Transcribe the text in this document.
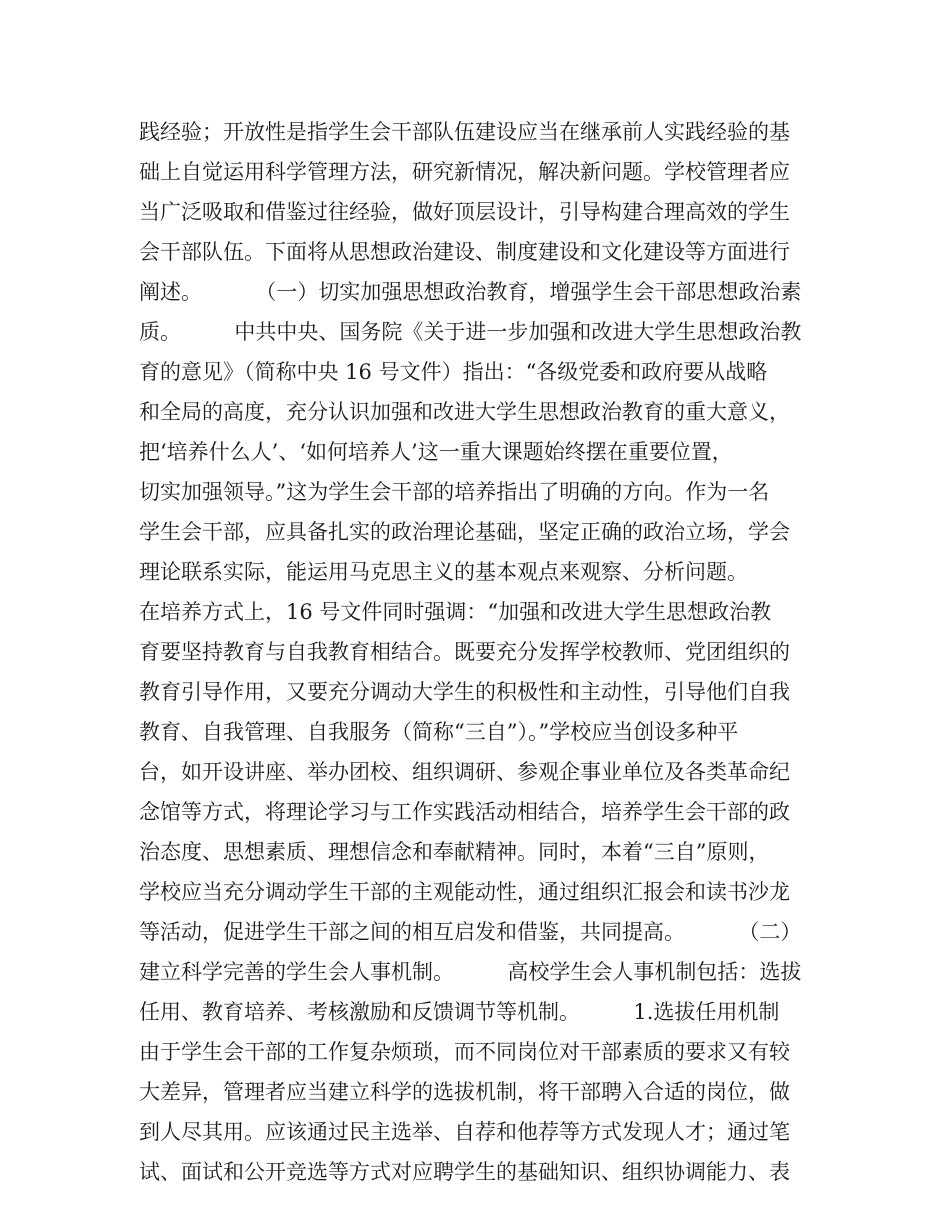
践经验；开放性是指学生会干部队伍建设应当在继承前人实践经验的基
础上自觉运用科学管理方法，研究新情况，解决新问题。学校管理者应
当广泛吸取和借鉴过往经验，做好顶层设计，引导构建合理高效的学生
会干部队伍。下面将从思想政治建设、制度建设和文化建设等方面进行
阐述。        （一）切实加强思想政治教育，增强学生会干部思想政治素
质。        中共中央、国务院《关于进一步加强和改进大学生思想政治教
育的意见》（简称中央 16 号文件）指出：“各级党委和政府要从战略
和全局的高度，充分认识加强和改进大学生思想政治教育的重大意义，
把‘培养什么人’、‘如何培养人’这一重大课题始终摆在重要位置，
切实加强领导。”这为学生会干部的培养指出了明确的方向。作为一名
学生会干部，应具备扎实的政治理论基础，坚定正确的政治立场，学会
理论联系实际，能运用马克思主义的基本观点来观察、分析问题。
在培养方式上，16 号文件同时强调：“加强和改进大学生思想政治教
育要坚持教育与自我教育相结合。既要充分发挥学校教师、党团组织的
教育引导作用，又要充分调动大学生的积极性和主动性，引导他们自我
教育、自我管理、自我服务（简称“三自”）。”学校应当创设多种平
台，如开设讲座、举办团校、组织调研、参观企事业单位及各类革命纪
念馆等方式，将理论学习与工作实践活动相结合，培养学生会干部的政
治态度、思想素质、理想信念和奉献精神。同时，本着“三自”原则，
学校应当充分调动学生干部的主观能动性，通过组织汇报会和读书沙龙
等活动，促进学生干部之间的相互启发和借鉴，共同提高。        （二）
建立科学完善的学生会人事机制。        高校学生会人事机制包括：选拔
任用、教育培养、考核激励和反馈调节等机制。        1.选拔任用机制
由于学生会干部的工作复杂烦琐，而不同岗位对干部素质的要求又有较
大差异，管理者应当建立科学的选拔机制，将干部聘入合适的岗位，做
到人尽其用。应该通过民主选举、自荐和他荐等方式发现人才；通过笔
试、面试和公开竞选等方式对应聘学生的基础知识、组织协调能力、表
